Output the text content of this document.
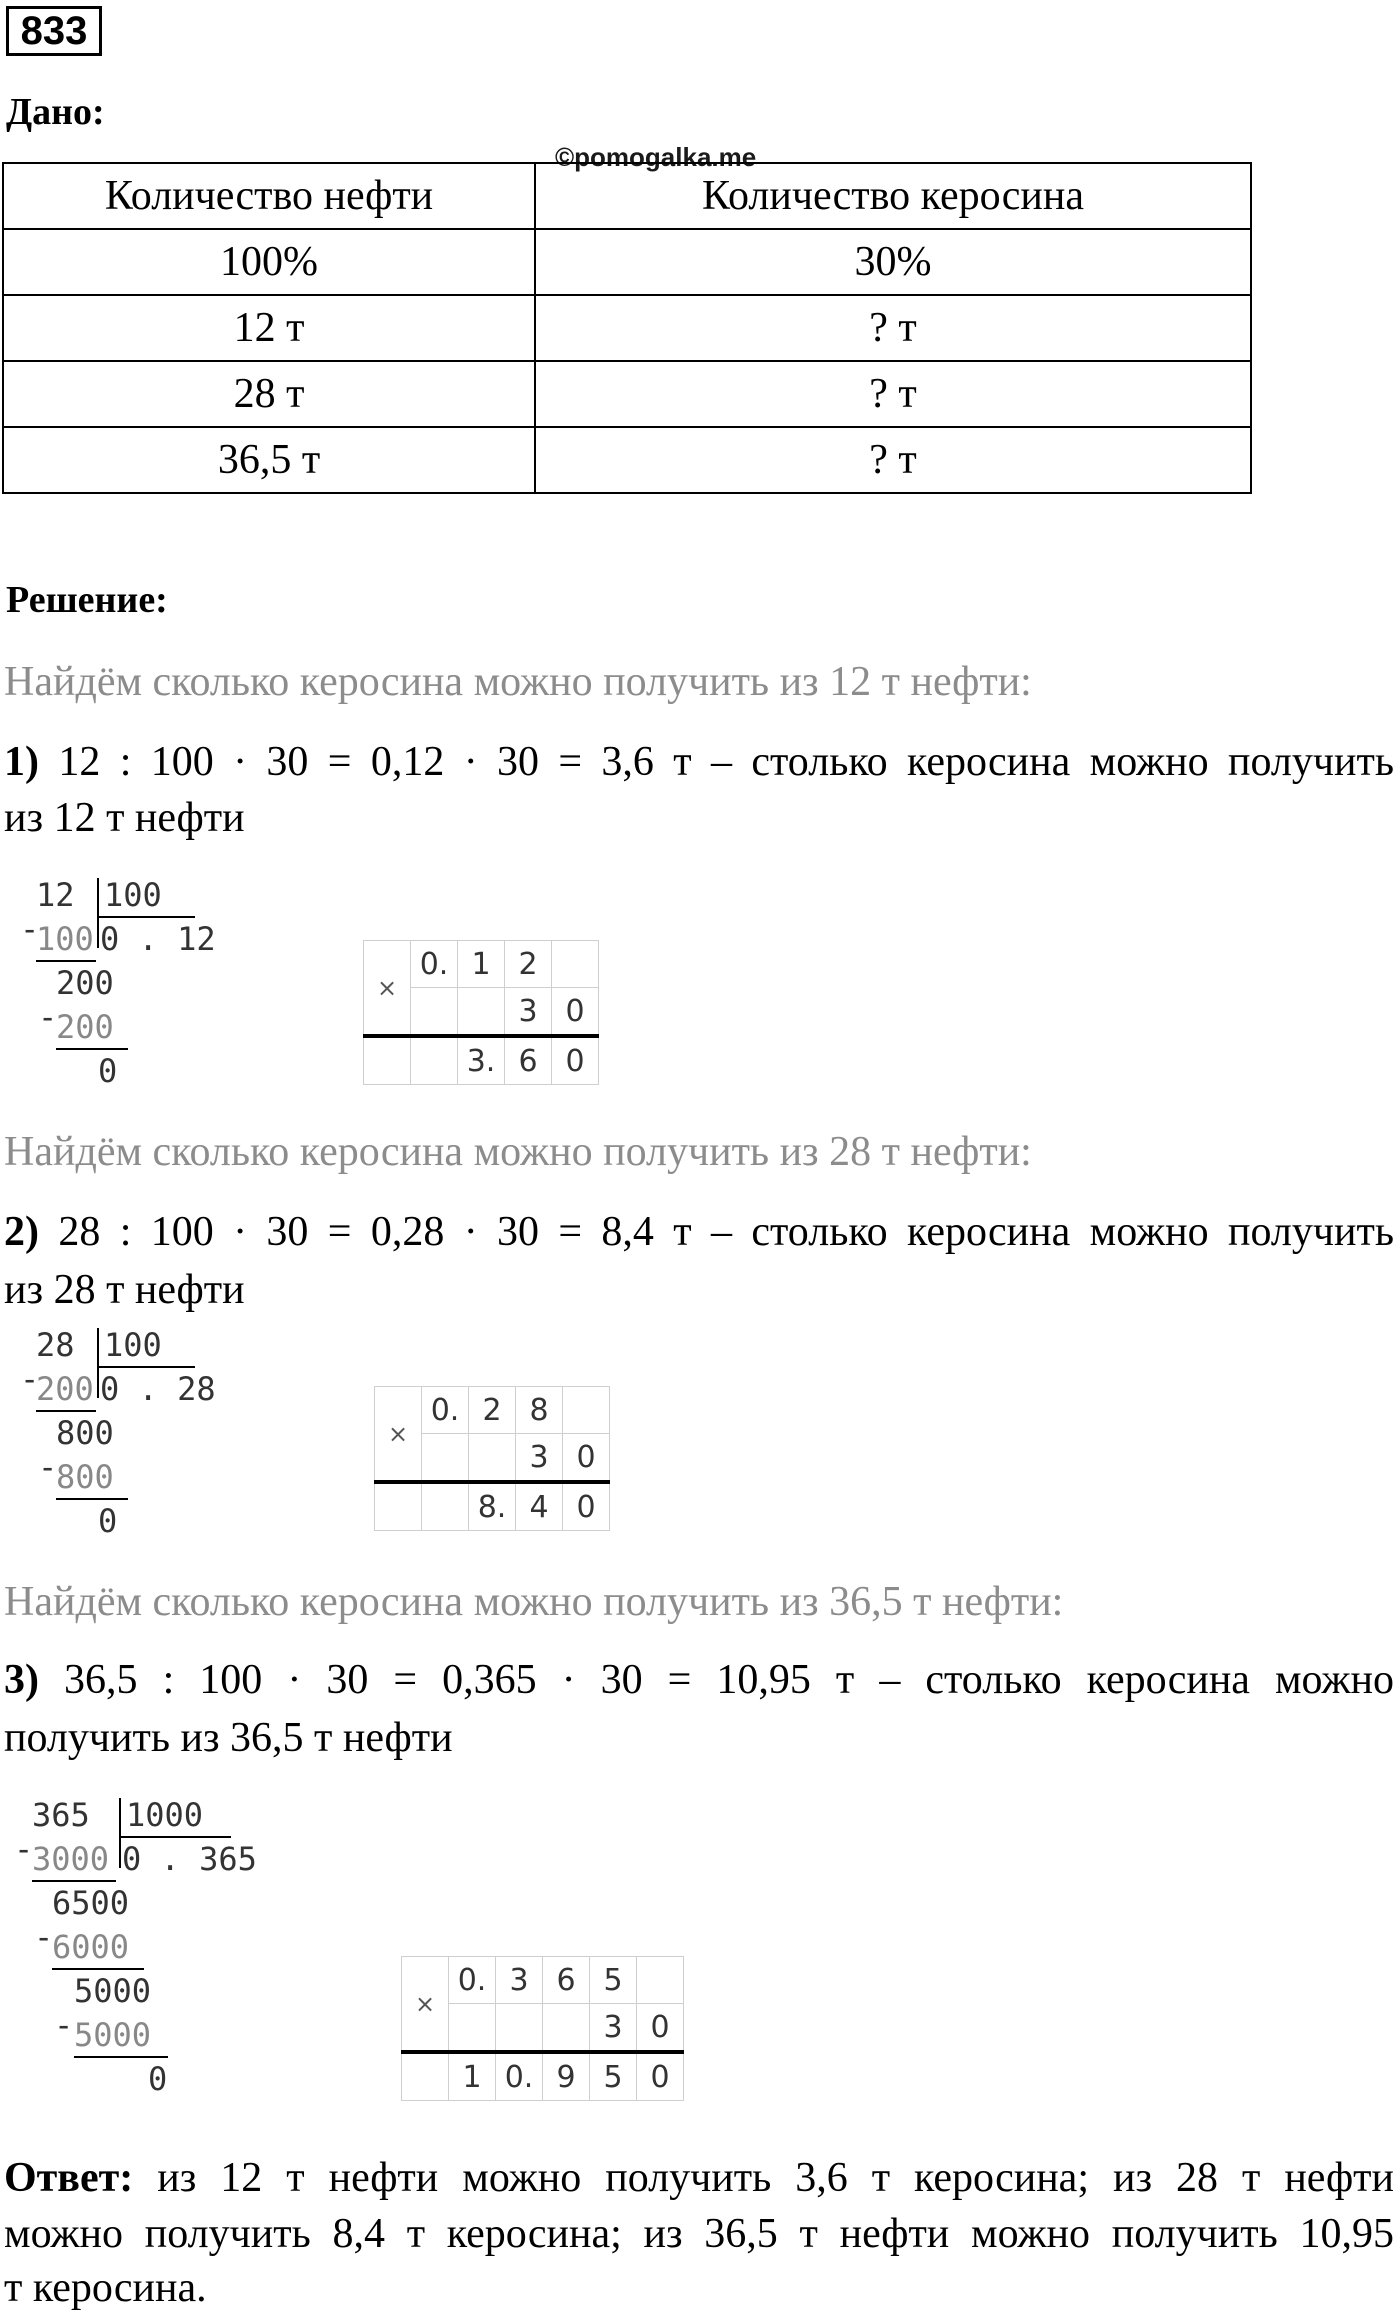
833
Дано:
©pomogalka.me
Количество нефти	Количество керосина
100%	30%
12 т	? т
28 т	? т
36,5 т	? т
Решение:
Найдём сколько керосина можно получить из 12 т нефти:
1) 12 : 100 · 30 = 0,12 · 30 = 3,6 т – столько керосина можно получить
из 12 т нефти
12 100
0 . 12
-
100
200
-
200
0
×	0.	1	2	
			3	0
		3.	6	0
Найдём сколько керосина можно получить из 28 т нефти:
2) 28 : 100 · 30 = 0,28 · 30 = 8,4 т – столько керосина можно получить
из 28 т нефти
28 100
0 . 28
-
200
800
-
800
0
×	0.	2	8	
			3	0
		8.	4	0
Найдём сколько керосина можно получить из 36,5 т нефти:
3) 36,5 : 100 · 30 = 0,365 · 30 = 10,95 т – столько керосина можно
получить из 36,5 т нефти
365 1000
0 . 365
-
3000
6500
-
6000
5000
- 5000
0
×	0.	3	6	5	
				3	0
	1	0.	9	5	0
Ответ: из 12 т нефти можно получить 3,6 т керосина; из 28 т нефти
можно получить 8,4 т керосина; из 36,5 т нефти можно получить 10,95
т керосина.
